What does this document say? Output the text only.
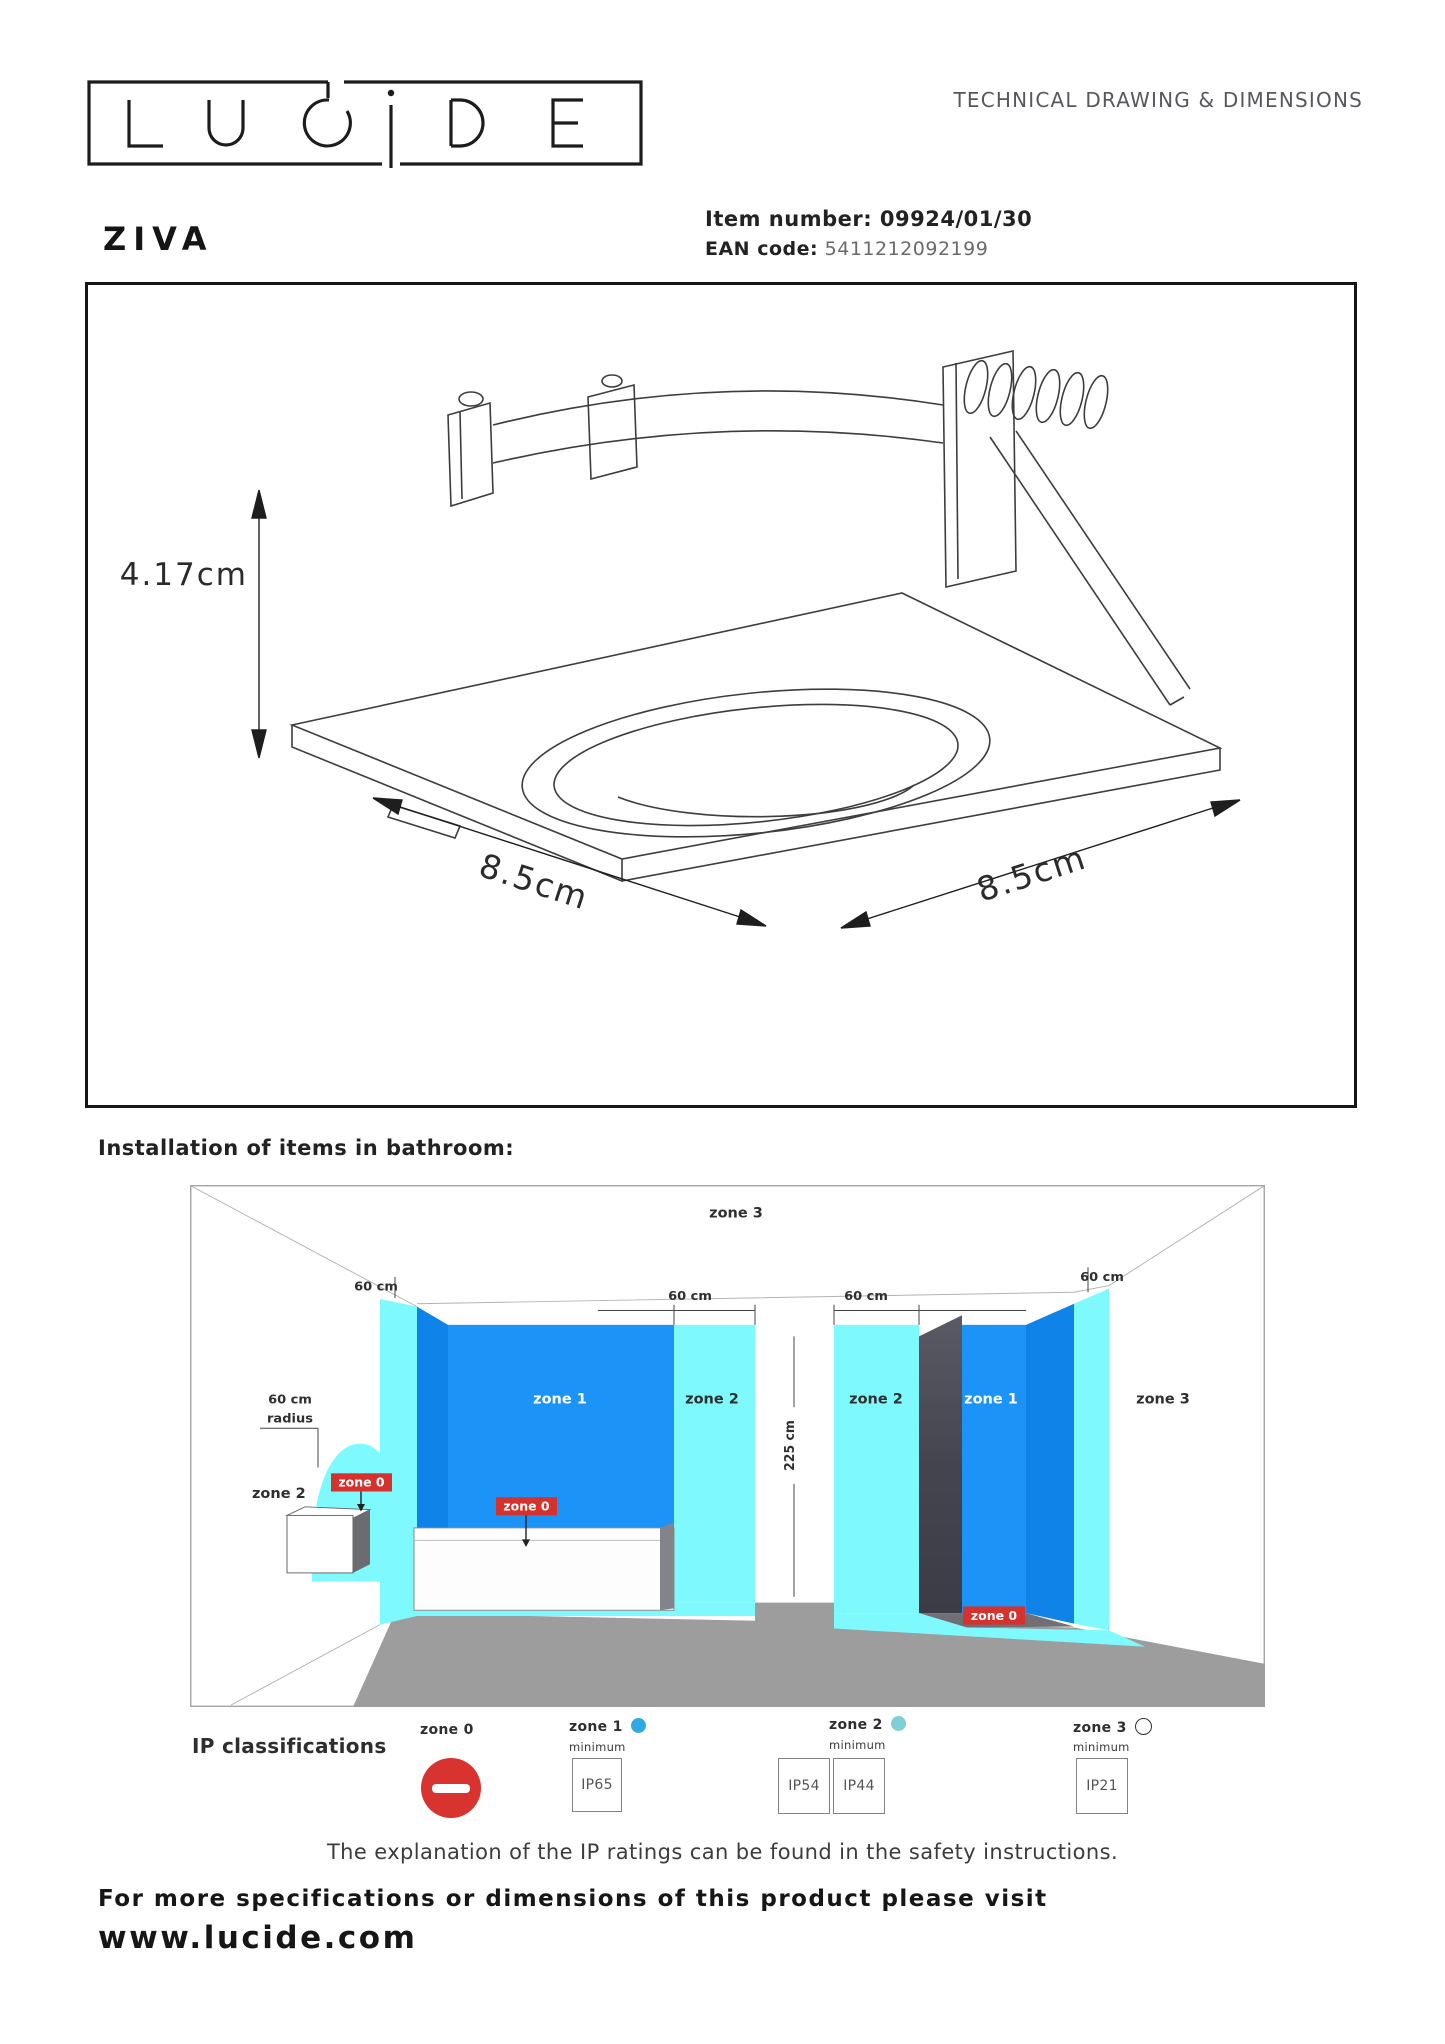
TECHNICAL DRAWING & DIMENSIONS
ZIVA
Item number: 09924/01/30
EAN code: 5411212092199
4.17cm
8.5cm	8.5cm
Installation of items in bathroom:
zone 3
zone 1	zone 2	zone 2	zone 1	zone 3
zone 2
60 cm
60 cm	60 cm
60 cm
225 cm
60 cm
radius
zone 0
zone 0
zone 0
IP classifications
zone 0	zone 1
minimum
IP65
zone 2
minimum
IP54 IP44
zone 3
minimum
IP21
The explanation of the IP ratings can be found in the safety instructions.
For more specifications or dimensions of this product please visit
www.lucide.com
